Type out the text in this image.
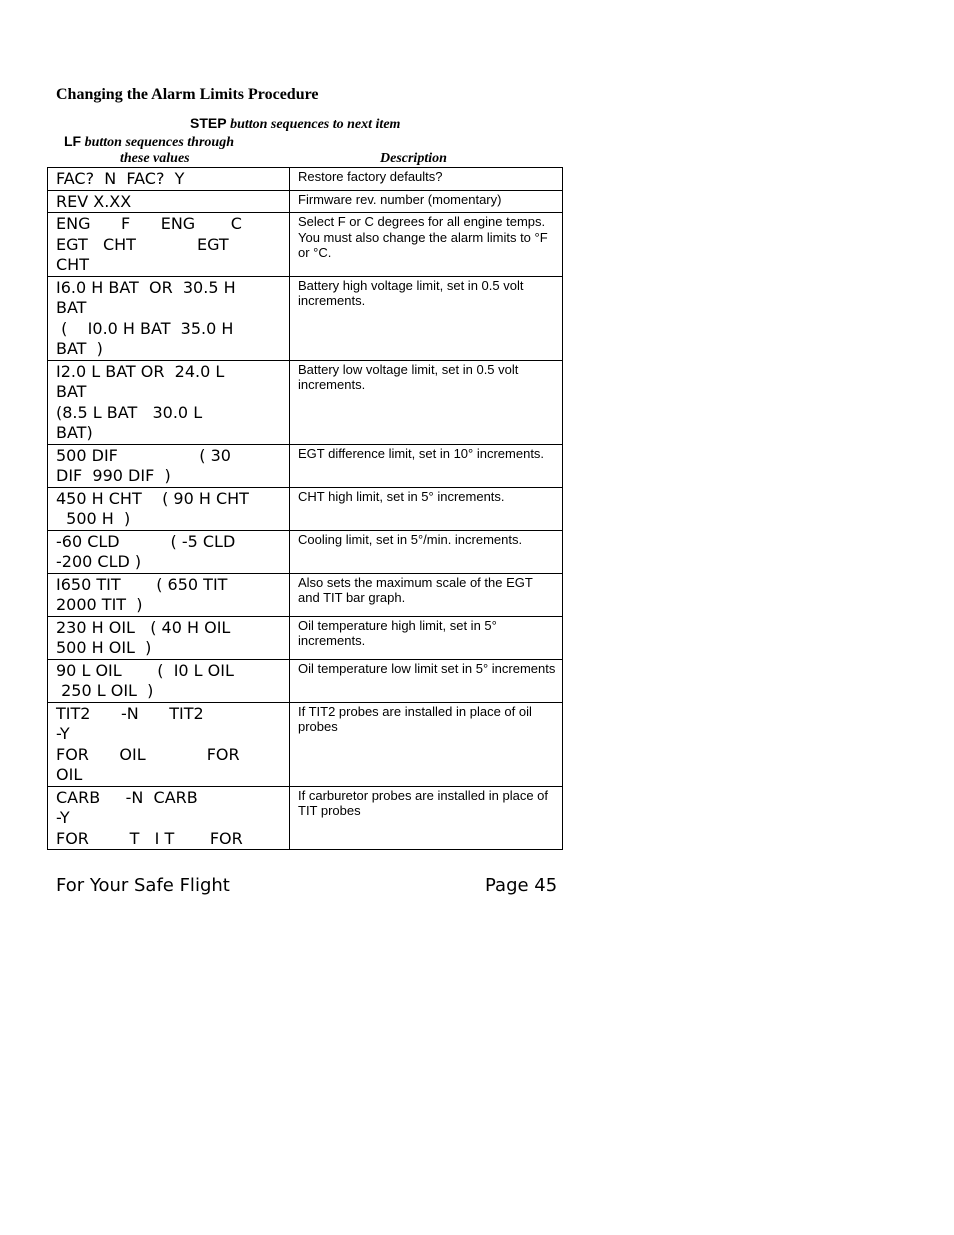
Changing the Alarm Limits Procedure
STEP button sequences to next item
LF button sequences through
these values	Description
FAC?  N  FAC?  Y	Restore factory defaults?
REV X.XX	Firmware rev. number (momentary)
ENG      F      ENG       C
EGT   CHT            EGT
CHT	Select F or C degrees for all engine temps. You must also change the alarm limits to °F or °C.
I6.0 H BAT  OR  30.5 H
BAT
(    I0.0 H BAT  35.0 H
BAT  )	Battery high voltage limit, set in 0.5 volt increments.
I2.0 L BAT OR  24.0 L
BAT
(8.5 L BAT   30.0 L
BAT)	Battery low voltage limit, set in 0.5 volt increments.
500 DIF                ( 30
DIF  990 DIF  )	EGT difference limit, set in 10° increments.
450 H CHT    ( 90 H CHT
500 H  )	CHT high limit, set in 5° increments.
-60 CLD          ( -5 CLD
-200 CLD )	Cooling limit, set in 5°/min. increments.
I650 TIT       ( 650 TIT
2000 TIT  )	Also sets the maximum scale of the EGT and TIT bar graph.
230 H OIL   ( 40 H OIL
500 H OIL  )	Oil temperature high limit, set in 5° increments.
90 L OIL       (  I0 L OIL
250 L OIL  )	Oil temperature low limit set in 5° increments
TIT2      -N      TIT2
-Y
FOR      OIL            FOR
OIL	If TIT2 probes are installed in place of oil probes
CARB     -N  CARB
-Y
FOR        T   I T       FOR	If carburetor probes are installed in place of TIT probes
For Your Safe Flight	Page 45
